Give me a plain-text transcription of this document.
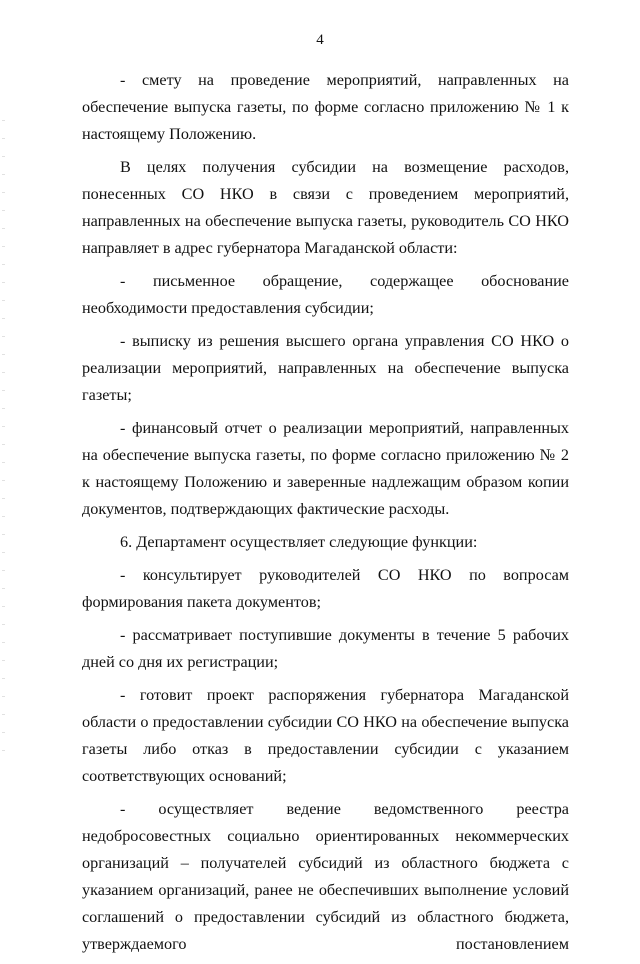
4

- смету на проведение мероприятий, направленных на обеспечение выпуска газеты, по форме согласно приложению № 1 к настоящему Положению.

В целях получения субсидии на возмещение расходов, понесенных СО НКО в связи с проведением мероприятий, направленных на обеспечение выпуска газеты, руководитель СО НКО направляет в адрес губернатора Магаданской области:

- письменное обращение, содержащее обоснование необходимости предоставления субсидии;

- выписку из решения высшего органа управления СО НКО о реализации мероприятий, направленных на обеспечение выпуска газеты;

- финансовый отчет о реализации мероприятий, направленных на обеспечение выпуска газеты, по форме согласно приложению № 2 к настоящему Положению и заверенные надлежащим образом копии документов, подтверждающих фактические расходы.

6. Департамент осуществляет следующие функции:

- консультирует руководителей СО НКО по вопросам формирования пакета документов;

- рассматривает поступившие документы в течение 5 рабочих дней со дня их регистрации;

- готовит проект распоряжения губернатора Магаданской области о предоставлении субсидии СО НКО на обеспечение выпуска газеты либо отказ в предоставлении субсидии с указанием соответствующих оснований;

- осуществляет ведение ведомственного реестра недобросовестных социально ориентированных некоммерческих организаций – получателей субсидий из областного бюджета с указанием организаций, ранее не обеспечивших выполнение условий соглашений о предоставлении субсидий из областного бюджета, утверждаемого постановлением
